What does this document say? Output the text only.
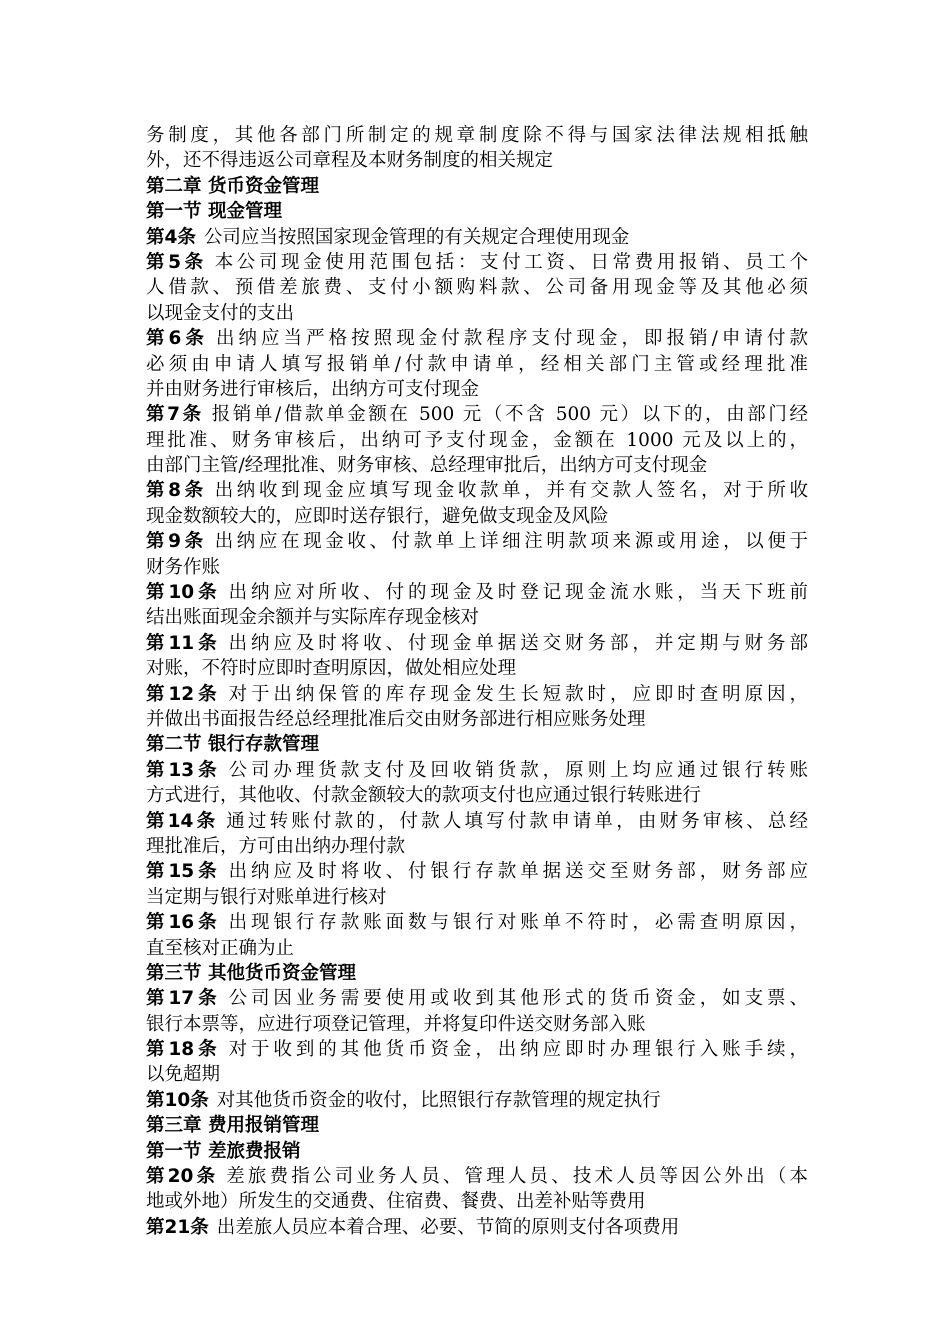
务制度，其他各部门所制定的规章制度除不得与国家法律法规相抵触
外，还不得违返公司章程及本财务制度的相关规定
第二章 货币资金管理
第一节 现金管理
第4条 公司应当按照国家现金管理的有关规定合理使用现金
第5条 本公司现金使用范围包括：支付工资、日常费用报销、员工个
人借款、预借差旅费、支付小额购料款、公司备用现金等及其他必须
以现金支付的支出
第6条 出纳应当严格按照现金付款程序支付现金，即报销/申请付款
必须由申请人填写报销单/付款申请单，经相关部门主管或经理批准
并由财务进行审核后，出纳方可支付现金
第7条 报销单/借款单金额在 500 元（不含 500 元）以下的，由部门经
理批准、财务审核后，出纳可予支付现金，金额在 1000 元及以上的，
由部门主管/经理批准、财务审核、总经理审批后，出纳方可支付现金
第8条 出纳收到现金应填写现金收款单，并有交款人签名，对于所收
现金数额较大的，应即时送存银行，避免做支现金及风险
第9条 出纳应在现金收、付款单上详细注明款项来源或用途，以便于
财务作账
第10条 出纳应对所收、付的现金及时登记现金流水账，当天下班前
结出账面现金余额并与实际库存现金核对
第11条 出纳应及时将收、付现金单据送交财务部，并定期与财务部
对账，不符时应即时查明原因，做处相应处理
第12条 对于出纳保管的库存现金发生长短款时，应即时查明原因，
并做出书面报告经总经理批准后交由财务部进行相应账务处理
第二节 银行存款管理
第13条 公司办理货款支付及回收销货款，原则上均应通过银行转账
方式进行，其他收、付款金额较大的款项支付也应通过银行转账进行
第14条 通过转账付款的，付款人填写付款申请单，由财务审核、总经
理批准后，方可由出纳办理付款
第15条 出纳应及时将收、付银行存款单据送交至财务部，财务部应
当定期与银行对账单进行核对
第16条 出现银行存款账面数与银行对账单不符时，必需查明原因，
直至核对正确为止
第三节 其他货币资金管理
第17条 公司因业务需要使用或收到其他形式的货币资金，如支票、
银行本票等，应进行项登记管理，并将复印件送交财务部入账
第18条 对于收到的其他货币资金，出纳应即时办理银行入账手续，
以免超期
第10条 对其他货币资金的收付，比照银行存款管理的规定执行
第三章 费用报销管理
第一节 差旅费报销
第20条 差旅费指公司业务人员、管理人员、技术人员等因公外出（本
地或外地）所发生的交通费、住宿费、餐费、出差补贴等费用
第21条 出差旅人员应本着合理、必要、节简的原则支付各项费用
